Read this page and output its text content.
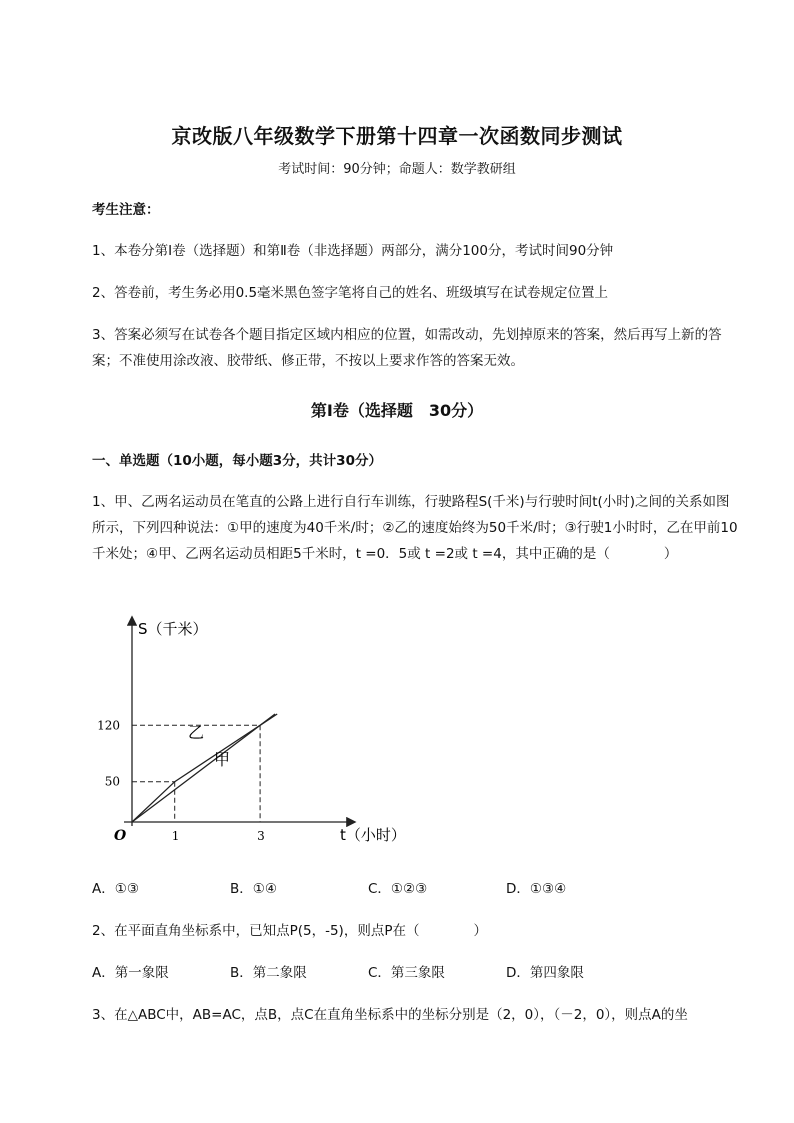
京改版八年级数学下册第十四章一次函数同步测试
考试时间：90分钟；命题人：数学教研组
考生注意：
1、本卷分第I卷（选择题）和第Ⅱ卷（非选择题）两部分，满分100分，考试时间90分钟
2、答卷前，考生务必用0.5毫米黑色签字笔将自己的姓名、班级填写在试卷规定位置上
3、答案必须写在试卷各个题目指定区域内相应的位置，如需改动，先划掉原来的答案，然后再写上新的答案；不准使用涂改液、胶带纸、修正带，不按以上要求作答的答案无效。
第I卷（选择题　30分）
一、单选题（10小题，每小题3分，共计30分）
1、甲、乙两名运动员在笔直的公路上进行自行车训练，行驶路程S(千米)与行驶时间t(小时)之间的关系如图所示，下列四种说法：①甲的速度为40千米/时；②乙的速度始终为50千米/时；③行驶1小时时，乙在甲前10千米处；④甲、乙两名运动员相距5千米时，t =0．5或 t =2或 t =4，其中正确的是（　　　　）
S（千米）
t（小时）
O	1	3
50
120	乙
甲
A．①③	B．①④	C．①②③	D．①③④
2、在平面直角坐标系中，已知点P(5，-5)，则点P在（　　　　）
A．第一象限	B．第二象限	C．第三象限	D．第四象限
3、在△ABC中，AB=AC，点B，点C在直角坐标系中的坐标分别是（2，0），（－2，0），则点A的坐
